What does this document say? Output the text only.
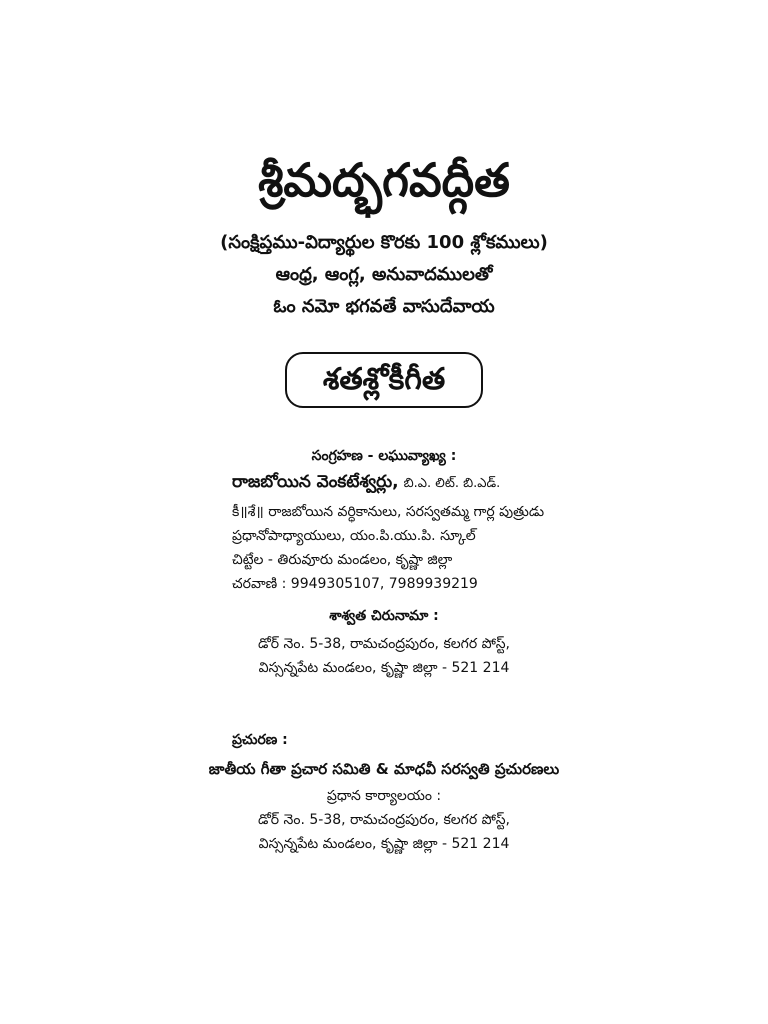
శ్రీమద్భగవద్గీత
(సంక్షిప్తము-విద్యార్థుల కొరకు 100 శ్లోకములు)
ఆంధ్ర, ఆంగ్ల, అనువాదములతో
ఓం నమో భగవతే వాసుదేవాయ
శతశ్లోకీగీత
సంగ్రహణ - లఘువ్యాఖ్య :
రాజబోయిన వెంకటేశ్వర్లు, బి.ఎ. లిట్. బి.ఎడ్.
కీ॥శే॥ రాజబోయిన వర్ధికానులు, సరస్వతమ్మ గార్ల పుత్రుడు
ప్రధానోపాధ్యాయులు, యం.పి.యు.పి. స్కూల్
చిట్టేల - తిరువూరు మండలం, కృష్ణా జిల్లా
చరవాణి : 9949305107, 7989939219
శాశ్వత చిరునామా :
డోర్ నెం. 5-38, రామచంద్రపురం, కలగర పోస్ట్,
విస్సన్నపేట మండలం, కృష్ణా జిల్లా - 521 214
ప్రచురణ :
జాతీయ గీతా ప్రచార సమితి & మాధవీ సరస్వతి ప్రచురణలు
ప్రధాన కార్యాలయం :
డోర్ నెం. 5-38, రామచంద్రపురం, కలగర పోస్ట్,
విస్సన్నపేట మండలం, కృష్ణా జిల్లా - 521 214
